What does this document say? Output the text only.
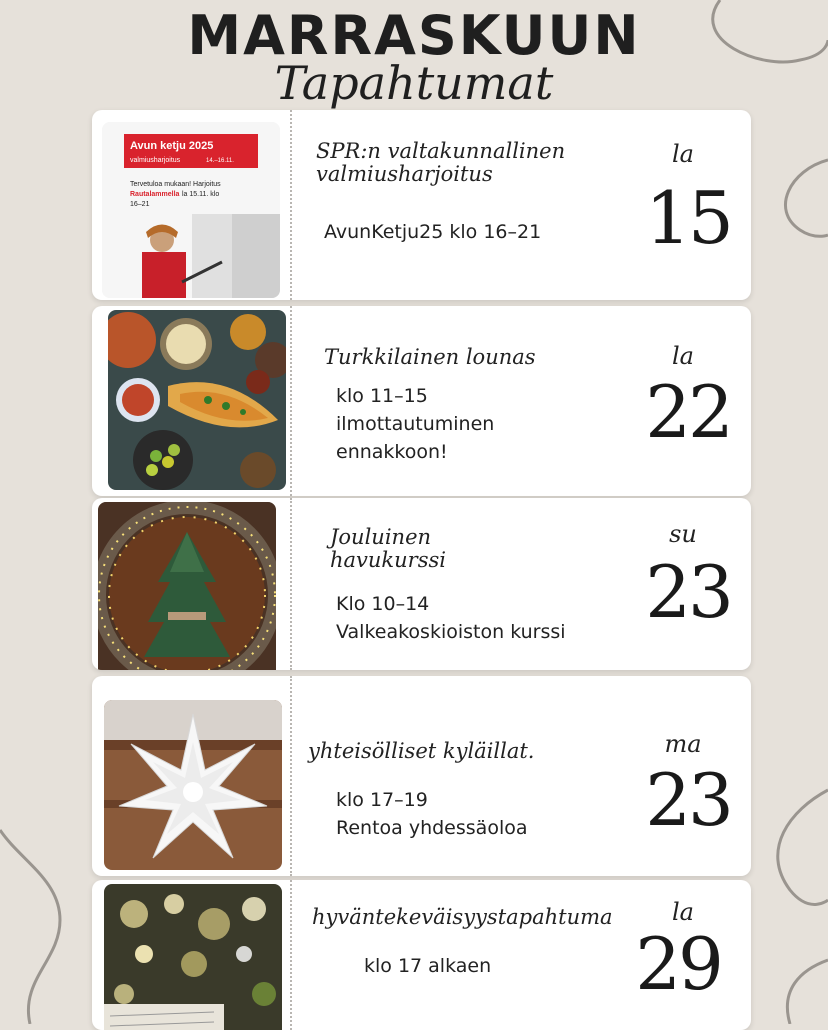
MARRASKUUN
Tapahtumat
Avun ketju 2025
valmiusharjoitus	14.–16.11.
Tervetuloa mukaan! Harjoitus
Rautalammella la 15.11. klo
16–21
SPR:n valtakunnallinen
valmiusharjoitus
AvunKetju25 klo 16–21
la
15
Turkkilainen lounas
klo 11–15
ilmottautuminen
ennakkoon!
la
22
Jouluinen
havukurssi
Klo 10–14
Valkeakoskioiston kurssi
su
23
yhteisölliset kyläillat.
klo 17–19
Rentoa yhdessäoloa
ma
23
hyväntekeväisyystapahtuma
klo 17 alkaen
la
29
